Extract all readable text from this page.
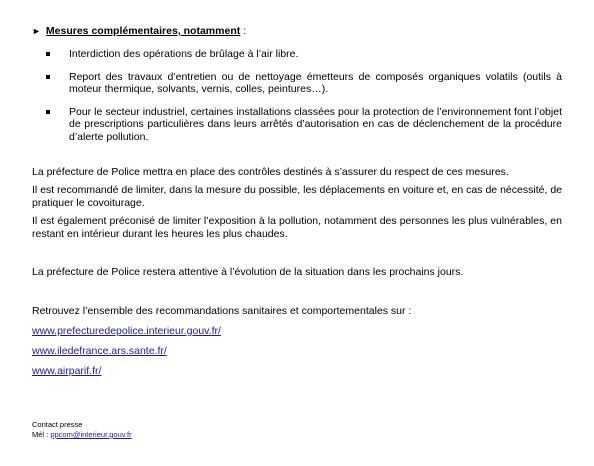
► Mesures complémentaires, notamment :
Interdiction des opérations de brûlage à l’air libre.
Report des travaux d’entretien ou de nettoyage émetteurs de composés organiques volatils (outils à moteur thermique, solvants, vernis, colles, peintures…).
Pour le secteur industriel, certaines installations classées pour la protection de l’environnement font l’objet de prescriptions particulières dans leurs arrêtés d’autorisation en cas de déclenchement de la procédure d’alerte pollution.

La préfecture de Police mettra en place des contrôles destinés à s’assurer du respect de ces mesures.

Il est recommandé de limiter, dans la mesure du possible, les déplacements en voiture et, en cas de nécessité, de pratiquer le covoiturage.

Il est également préconisé de limiter l’exposition à la pollution, notamment des personnes les plus vulnérables, en restant en intérieur durant les heures les plus chaudes.

La préfecture de Police restera attentive à l’évolution de la situation dans les prochains jours.

Retrouvez l’ensemble des recommandations sanitaires et comportementales sur :

www.prefecturedepolice.interieur.gouv.fr/
www.iledefrance.ars.sante.fr/
www.airparif.fr/
Contact presse
Mél : ppcom@interieur.gouv.fr
